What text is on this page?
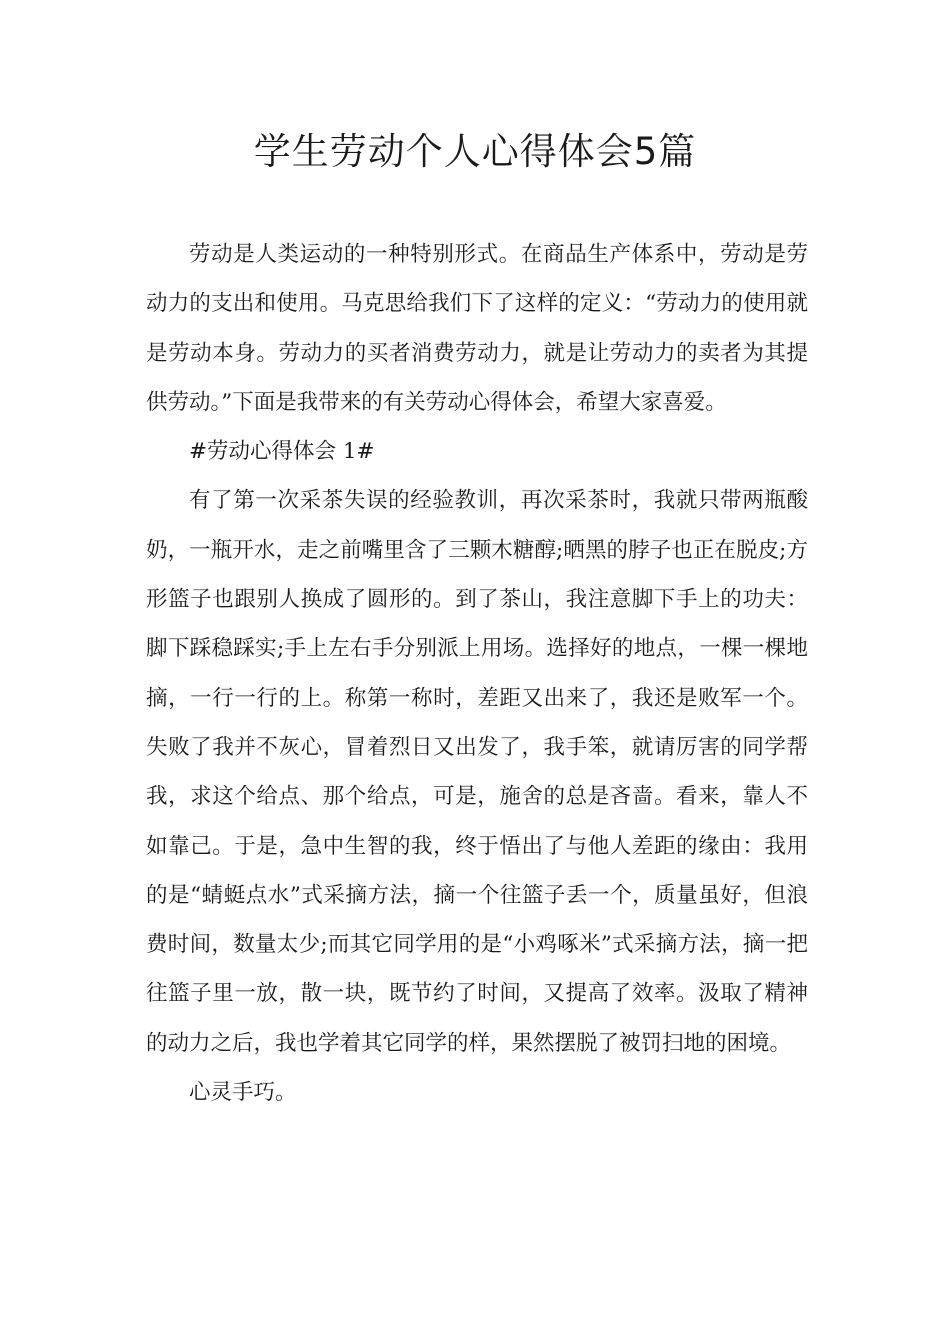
学生劳动个人心得体会5篇

劳动是人类运动的一种特别形式。在商品生产体系中，劳动是劳动力的支出和使用。马克思给我们下了这样的定义：“劳动力的使用就是劳动本身。劳动力的买者消费劳动力，就是让劳动力的卖者为其提供劳动。”下面是我带来的有关劳动心得体会，希望大家喜爱。

#劳动心得体会 1#

有了第一次采茶失误的经验教训，再次采茶时，我就只带两瓶酸奶，一瓶开水，走之前嘴里含了三颗木糖醇;晒黑的脖子也正在脱皮;方形篮子也跟别人换成了圆形的。到了茶山，我注意脚下手上的功夫：脚下踩稳踩实;手上左右手分别派上用场。选择好的地点，一棵一棵地摘，一行一行的上。称第一称时，差距又出来了，我还是败军一个。失败了我并不灰心，冒着烈日又出发了，我手笨，就请厉害的同学帮我，求这个给点、那个给点，可是，施舍的总是吝啬。看来，靠人不如靠己。于是，急中生智的我，终于悟出了与他人差距的缘由：我用的是“蜻蜓点水”式采摘方法，摘一个往篮子丢一个，质量虽好，但浪费时间，数量太少;而其它同学用的是“小鸡啄米”式采摘方法，摘一把往篮子里一放，散一块，既节约了时间，又提高了效率。汲取了精神的动力之后，我也学着其它同学的样，果然摆脱了被罚扫地的困境。

心灵手巧。
